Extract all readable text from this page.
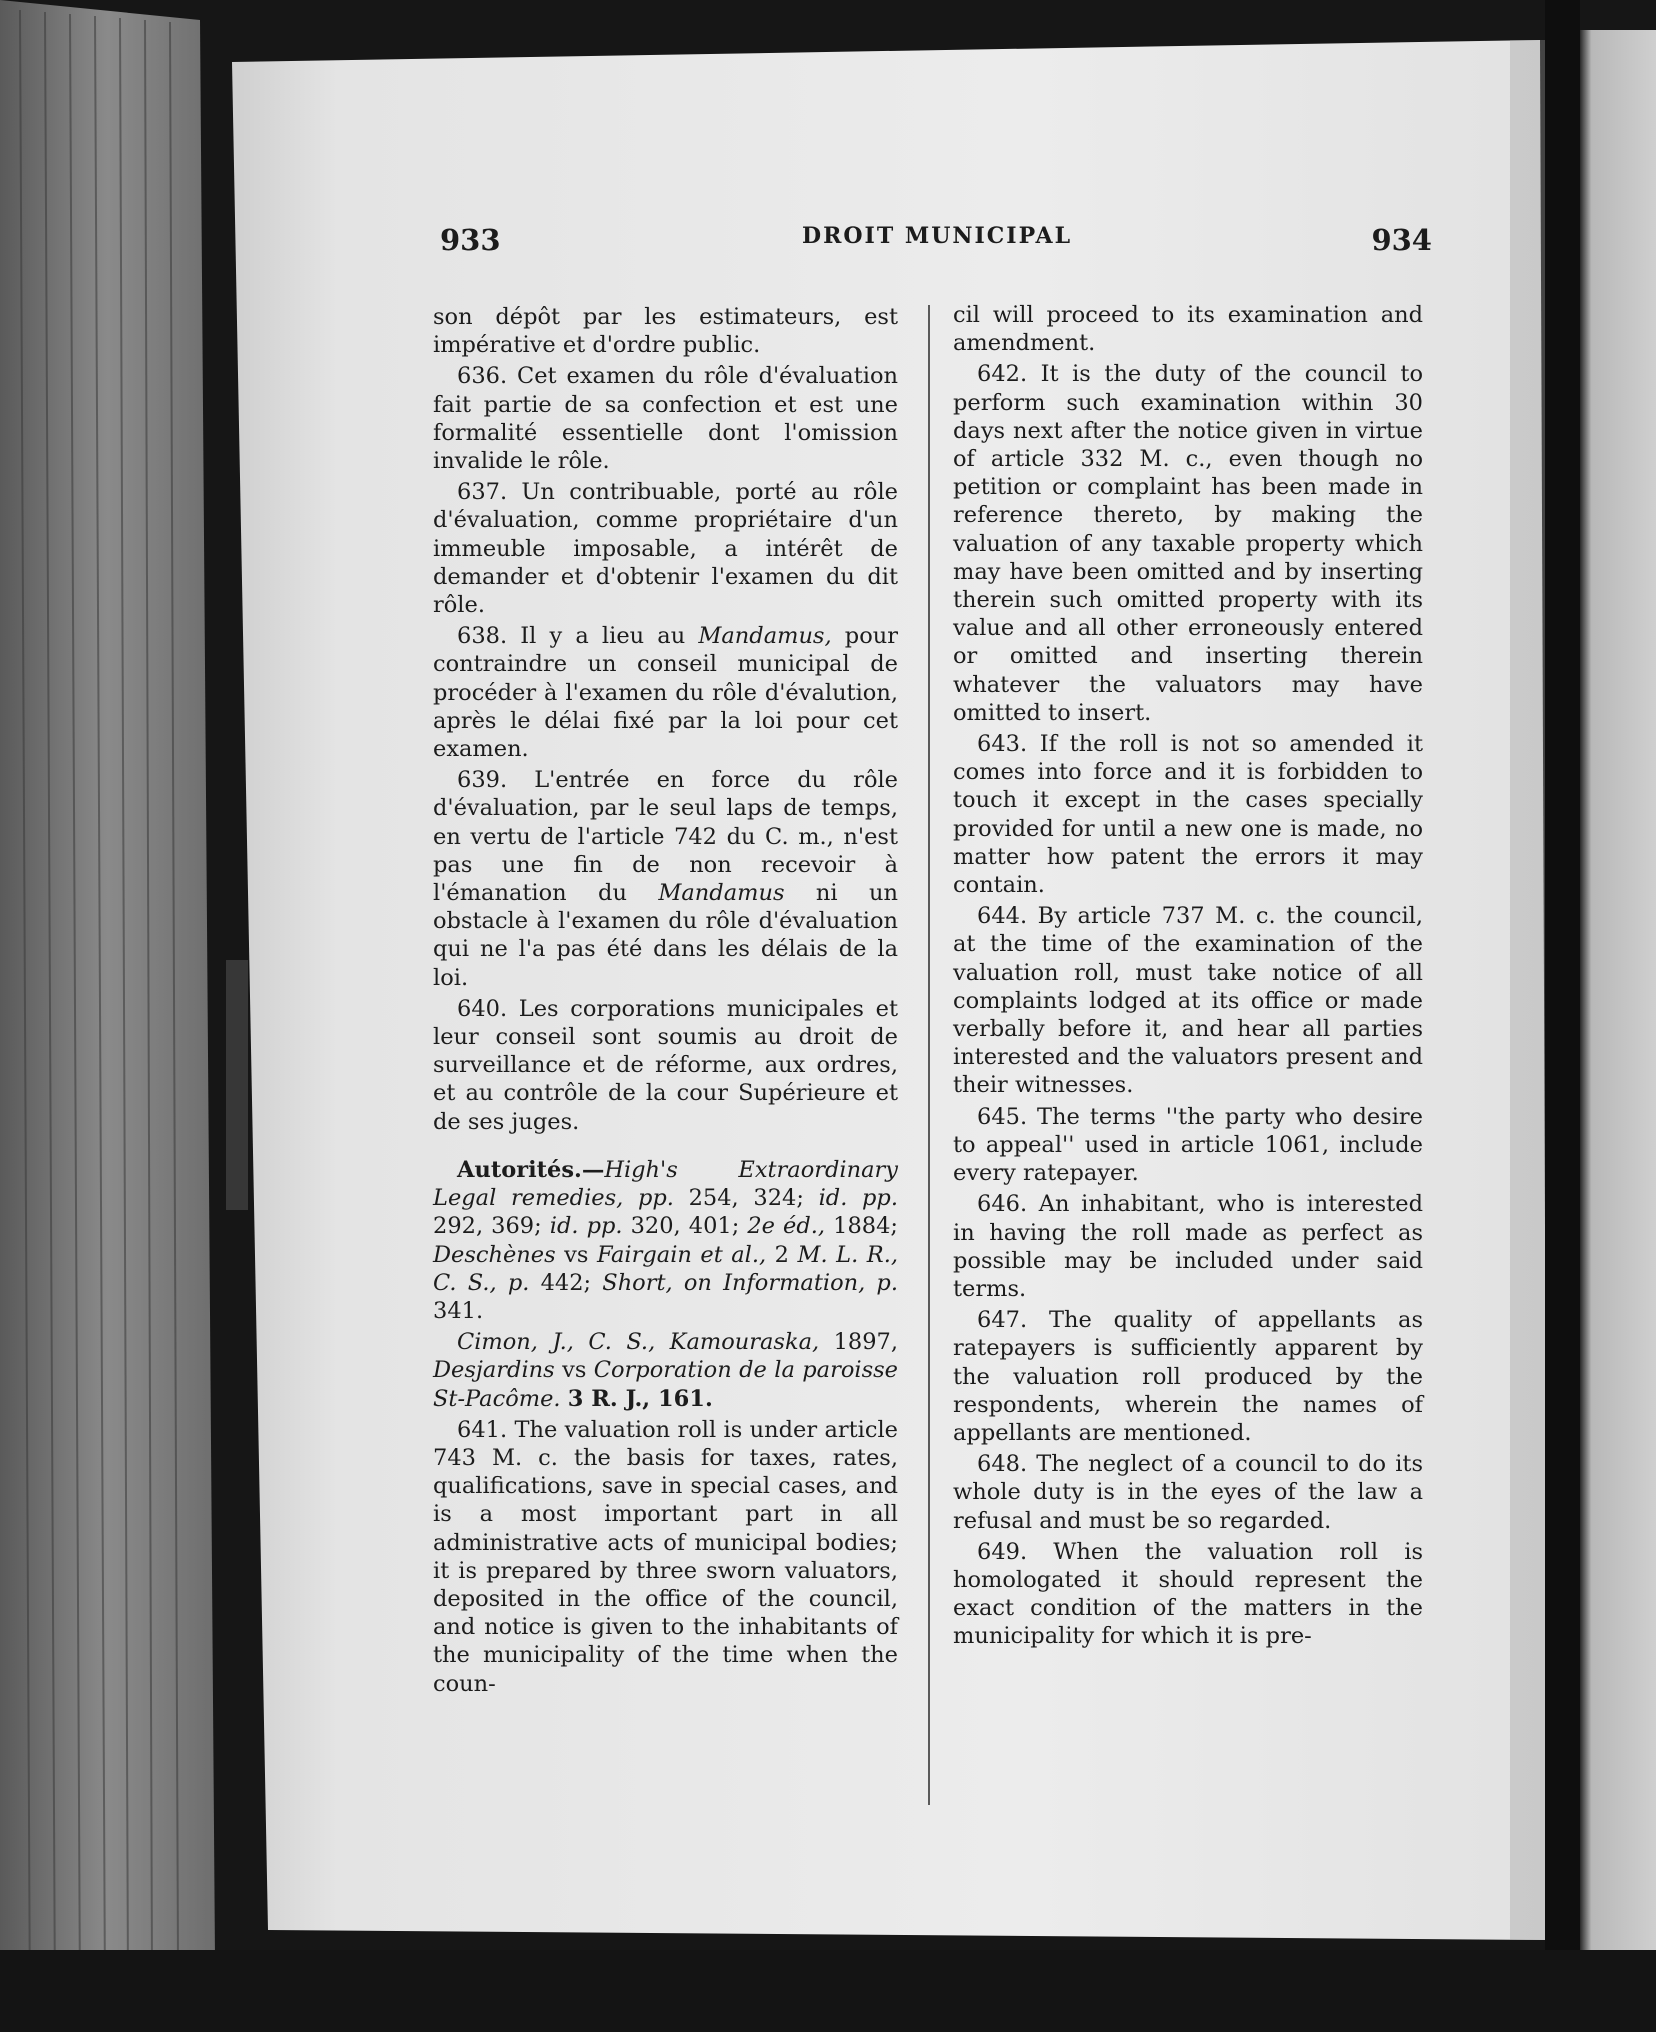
933	DROIT MUNICIPAL	934

son dépôt par les estimateurs, est impérative et d'ordre public.

636. Cet examen du rôle d'évaluation fait partie de sa confection et est une formalité essentielle dont l'omission invalide le rôle.

637. Un contribuable, porté au rôle d'évaluation, comme propriétaire d'un immeuble imposable, a intérêt de demander et d'obtenir l'examen du dit rôle.

638. Il y a lieu au Mandamus, pour contraindre un conseil municipal de procéder à l'examen du rôle d'évalution, après le délai fixé par la loi pour cet examen.

639. L'entrée en force du rôle d'évaluation, par le seul laps de temps, en vertu de l'article 742 du C. m., n'est pas une fin de non recevoir à l'émanation du Mandamus ni un obstacle à l'examen du rôle d'évaluation qui ne l'a pas été dans les délais de la loi.

640. Les corporations municipales et leur conseil sont soumis au droit de surveillance et de réforme, aux ordres, et au contrôle de la cour Supérieure et de ses juges.

Autorités.—High's Extraordinary Legal remedies, pp. 254, 324; id. pp. 292, 369; id. pp. 320, 401; 2e éd., 1884; Deschènes vs Fairgain et al., 2 M. L. R., C. S., p. 442; Short, on Information, p. 341.

Cimon, J., C. S., Kamouraska, 1897, Desjardins vs Corporation de la paroisse St-Pacôme. 3 R. J., 161.

641. The valuation roll is under article 743 M. c. the basis for taxes, rates, qualifications, save in special cases, and is a most important part in all administrative acts of municipal bodies; it is prepared by three sworn valuators, deposited in the office of the council, and notice is given to the inhabitants of the municipality of the time when the coun-

cil will proceed to its examination and amendment.

642. It is the duty of the council to perform such examination within 30 days next after the notice given in virtue of article 332 M. c., even though no petition or complaint has been made in reference thereto, by making the valuation of any taxable property which may have been omitted and by inserting therein such omitted property with its value and all other erroneously entered or omitted and inserting therein whatever the valuators may have omitted to insert.

643. If the roll is not so amended it comes into force and it is forbidden to touch it except in the cases specially provided for until a new one is made, no matter how patent the errors it may contain.

644. By article 737 M. c. the council, at the time of the examination of the valuation roll, must take notice of all complaints lodged at its office or made verbally before it, and hear all parties interested and the valuators present and their witnesses.

645. The terms ''the party who desire to appeal'' used in article 1061, include every ratepayer.

646. An inhabitant, who is interested in having the roll made as perfect as possible may be included under said terms.

647. The quality of appellants as ratepayers is sufficiently apparent by the valuation roll produced by the respondents, wherein the names of appellants are mentioned.

648. The neglect of a council to do its whole duty is in the eyes of the law a refusal and must be so regarded.

649. When the valuation roll is homologated it should represent the exact condition of the matters in the municipality for which it is pre-
